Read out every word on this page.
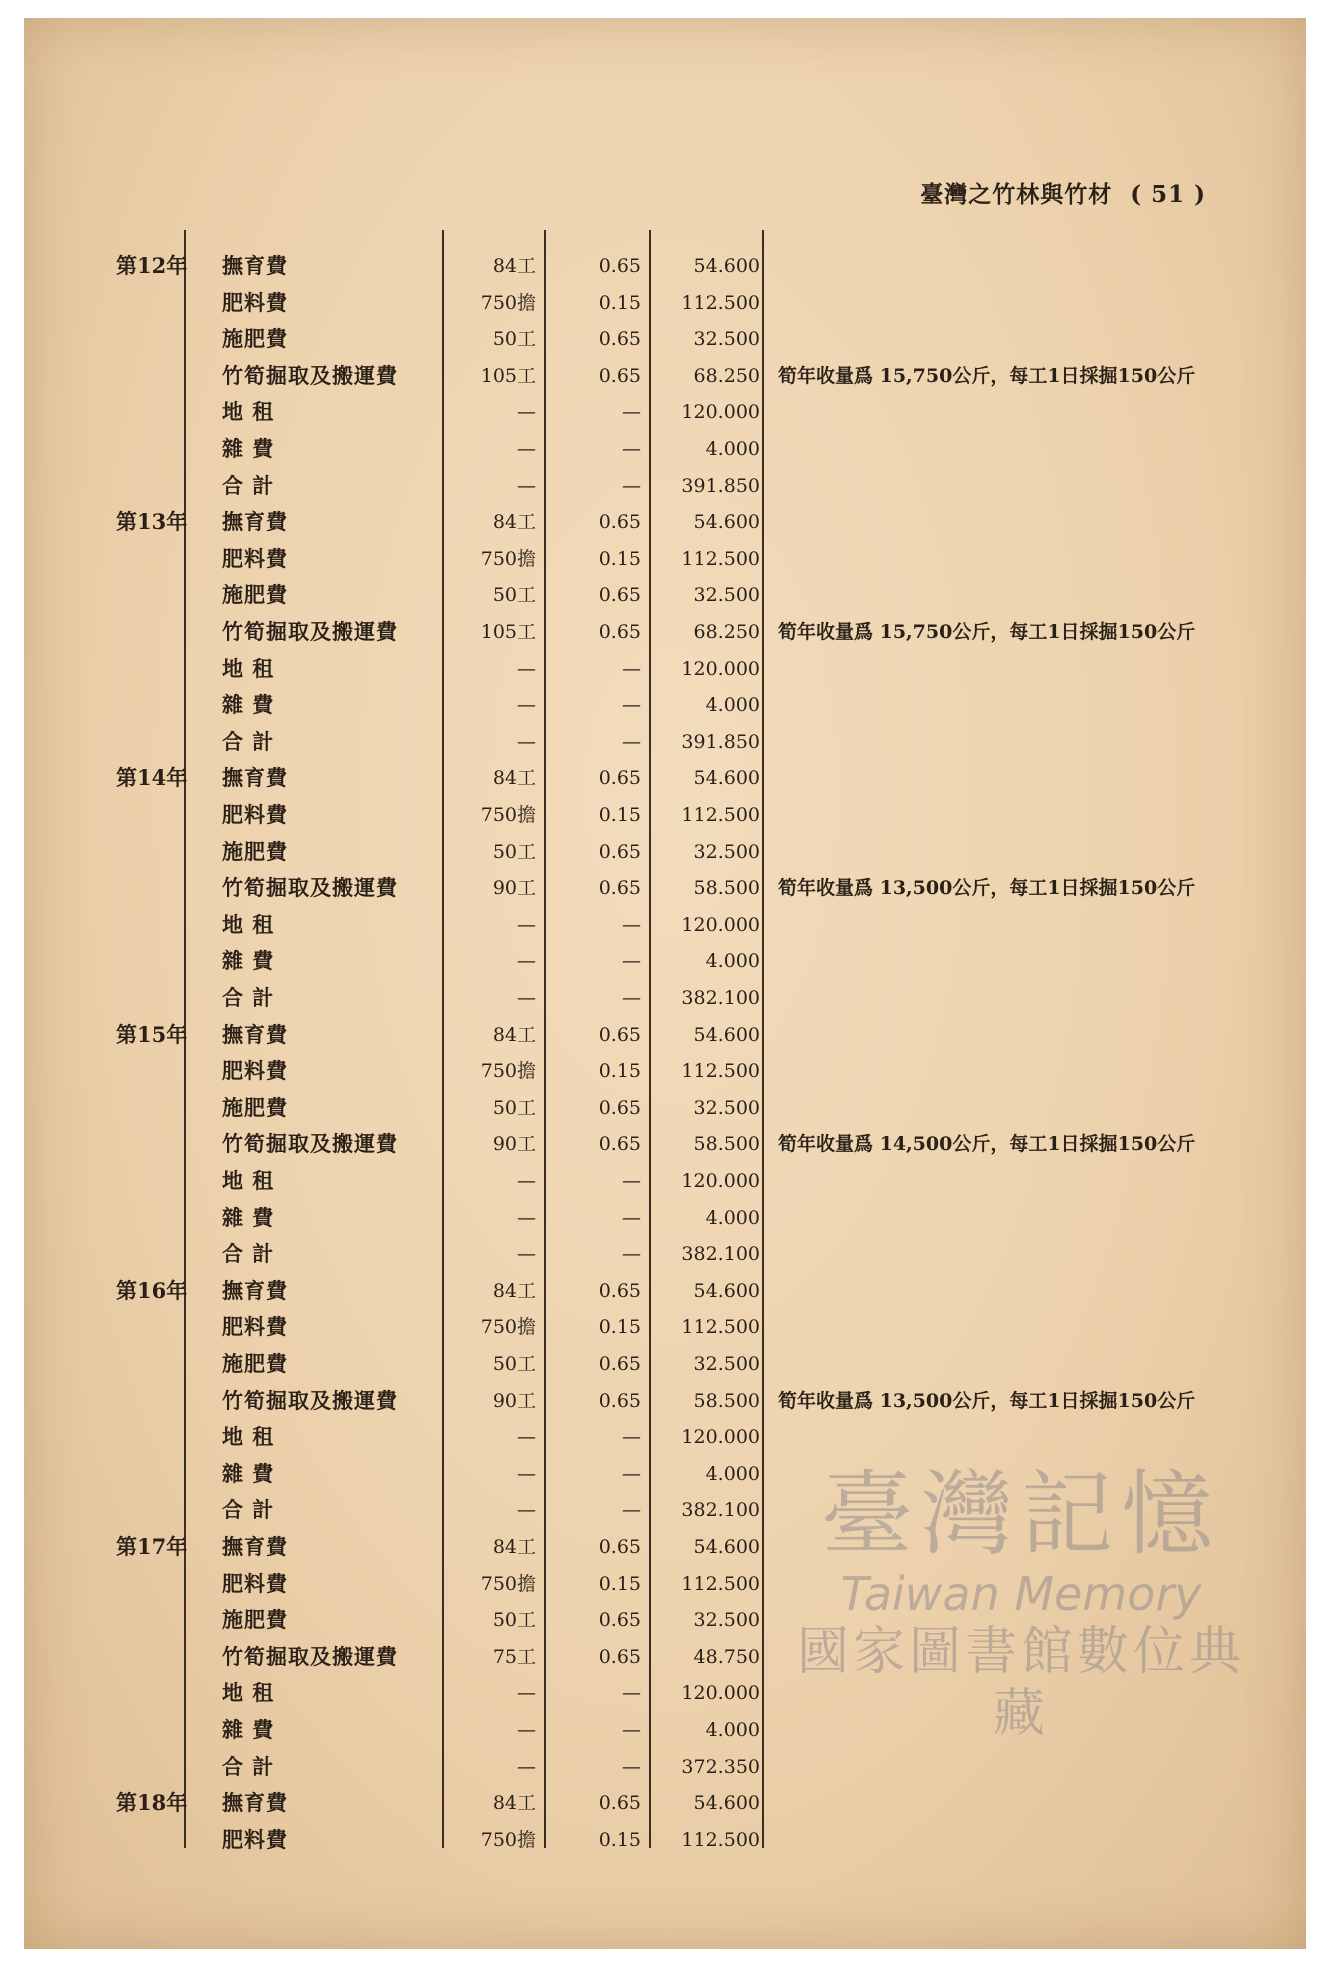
臺灣之竹林與竹材 ( 51 )
第12年	撫育費	84工	0.65	54.600
肥料費	750擔	0.15	112.500
施肥費	50工	0.65	32.500
竹筍掘取及搬運費	105工	0.65	68.250 筍年收量爲 15,750公斤，每工1日採掘150公斤
地 租	—	—	120.000
雜 費	—	—	4.000
合 計	—	—	391.850
第13年	撫育費	84工	0.65	54.600
肥料費	750擔	0.15	112.500
施肥費	50工	0.65	32.500
竹筍掘取及搬運費	105工	0.65	68.250 筍年收量爲 15,750公斤，每工1日採掘150公斤
地 租	—	—	120.000
雜 費	—	—	4.000
合 計	—	—	391.850
第14年	撫育費	84工	0.65	54.600
肥料費	750擔	0.15	112.500
施肥費	50工	0.65	32.500
竹筍掘取及搬運費	90工	0.65	58.500 筍年收量爲 13,500公斤，每工1日採掘150公斤
地 租	—	—	120.000
雜 費	—	—	4.000
合 計	—	—	382.100
第15年	撫育費	84工	0.65	54.600
肥料費	750擔	0.15	112.500
施肥費	50工	0.65	32.500
竹筍掘取及搬運費	90工	0.65	58.500 筍年收量爲 14,500公斤，每工1日採掘150公斤
地 租	—	—	120.000
雜 費	—	—	4.000
合 計	—	—	382.100
第16年	撫育費	84工	0.65	54.600
肥料費	750擔	0.15	112.500
施肥費	50工	0.65	32.500
竹筍掘取及搬運費	90工	0.65	58.500 筍年收量爲 13,500公斤，每工1日採掘150公斤
地 租	—	—	120.000
雜 費	—	—	4.000
合 計	—	—	382.100
第17年	撫育費	84工	0.65	54.600
肥料費	750擔	0.15	112.500
施肥費	50工	0.65	32.500
竹筍掘取及搬運費	75工	0.65	48.750
地 租	—	—	120.000
雜 費	—	—	4.000
合 計	—	—	372.350
第18年	撫育費	84工	0.65	54.600
肥料費	750擔	0.15	112.500
臺灣記憶
Taiwan Memory
國家圖書館數位典藏
